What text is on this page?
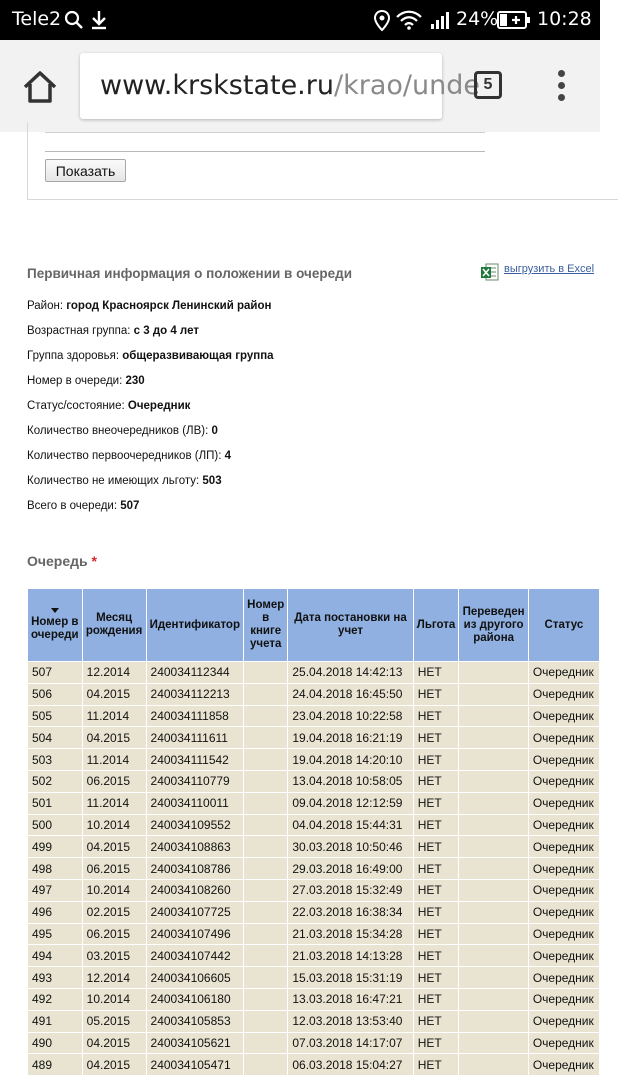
Tele2	24% 10:28
www.krskstate.ru/krao/unde 5
Показать
Первичная информация о положении в очереди	выгрузить в Excel
Район: город Красноярск Ленинский район
Возрастная группа: с 3 до 4 лет
Группа здоровья: общеразвивающая группа
Номер в очереди: 230
Статус/состояние: Очередник
Количество внеочередников (ЛВ): 0
Количество первоочередников (ЛП): 4
Количество не имеющих льготу: 503
Всего в очереди: 507
Очередь *
Номер в очереди	Месяц рождения	Идентификатор	Номер в книге учета	Дата постановки на учет	Льгота	Переведен из другого района	Статус
507	12.2014	240034112344		25.04.2018 14:42:13	НЕТ		Очередник
506	04.2015	240034112213		24.04.2018 16:45:50	НЕТ		Очередник
505	11.2014	240034111858		23.04.2018 10:22:58	НЕТ		Очередник
504	04.2015	240034111611		19.04.2018 16:21:19	НЕТ		Очередник
503	11.2014	240034111542		19.04.2018 14:20:10	НЕТ		Очередник
502	06.2015	240034110779		13.04.2018 10:58:05	НЕТ		Очередник
501	11.2014	240034110011		09.04.2018 12:12:59	НЕТ		Очередник
500	10.2014	240034109552		04.04.2018 15:44:31	НЕТ		Очередник
499	04.2015	240034108863		30.03.2018 10:50:46	НЕТ		Очередник
498	06.2015	240034108786		29.03.2018 16:49:00	НЕТ		Очередник
497	10.2014	240034108260		27.03.2018 15:32:49	НЕТ		Очередник
496	02.2015	240034107725		22.03.2018 16:38:34	НЕТ		Очередник
495	06.2015	240034107496		21.03.2018 15:34:28	НЕТ		Очередник
494	03.2015	240034107442		21.03.2018 14:13:28	НЕТ		Очередник
493	12.2014	240034106605		15.03.2018 15:31:19	НЕТ		Очередник
492	10.2014	240034106180		13.03.2018 16:47:21	НЕТ		Очередник
491	05.2015	240034105853		12.03.2018 13:53:40	НЕТ		Очередник
490	04.2015	240034105621		07.03.2018 14:17:07	НЕТ		Очередник
489	04.2015	240034105471		06.03.2018 15:04:27	НЕТ		Очередник
